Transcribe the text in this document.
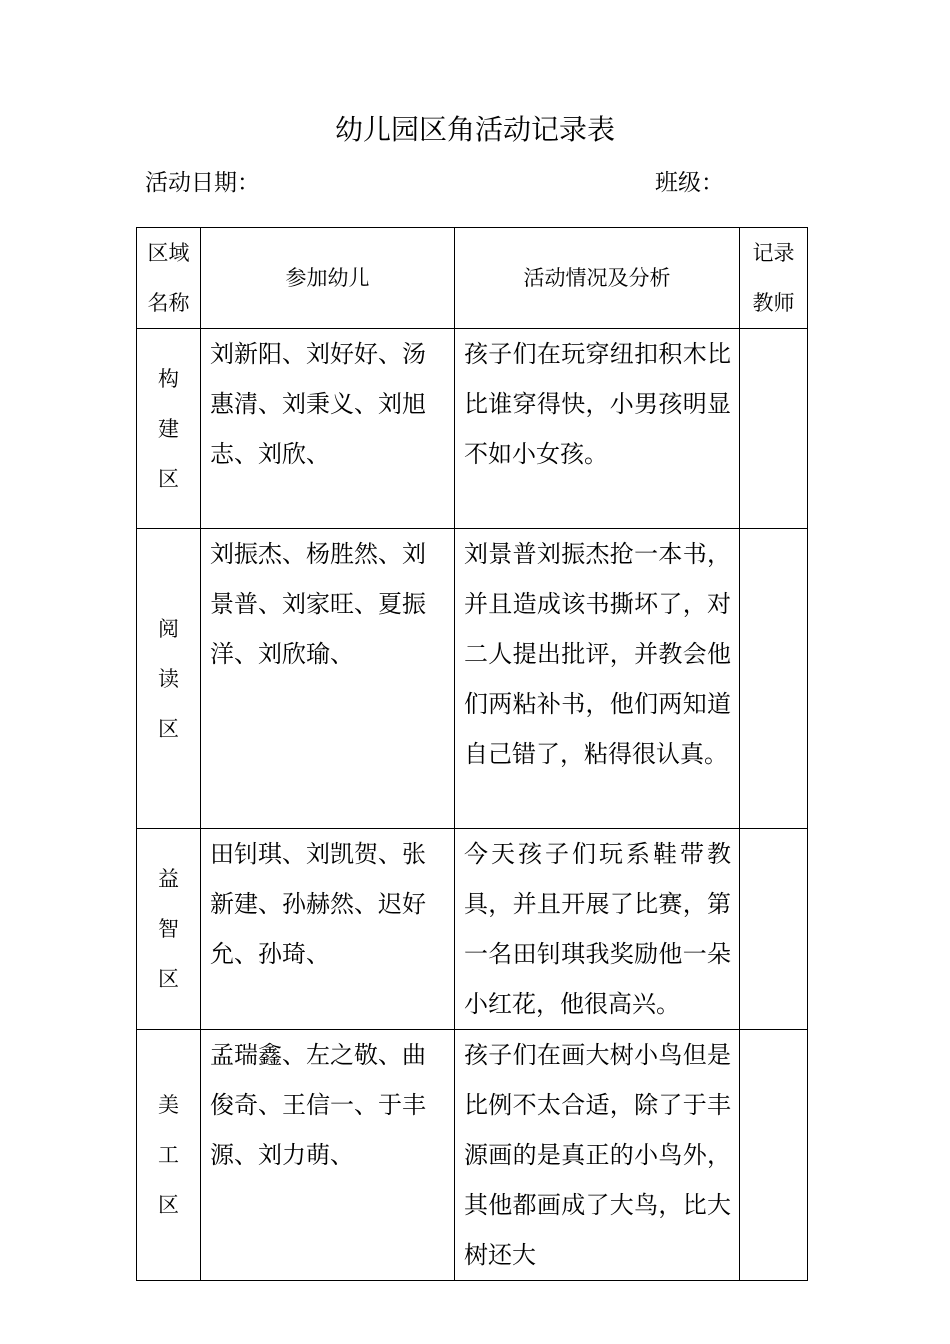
幼儿园区角活动记录表
活动日期：	班级：
区域名称	参加幼儿	活动情况及分析	记录教师
构建区	刘新阳、刘好好、汤惠清、刘秉义、刘旭志、刘欣、	孩子们在玩穿纽扣积木比比谁穿得快，小男孩明显不如小女孩。	
阅读区	刘振杰、杨胜然、刘景普、刘家旺、夏振洋、刘欣瑜、	刘景普刘振杰抢一本书，并且造成该书撕坏了，对二人提出批评，并教会他们两粘补书，他们两知道自己错了，粘得很认真。	
益智区	田钊琪、刘凯贺、张新建、孙赫然、迟好允、孙琦、	今天孩子们玩系鞋带教具，并且开展了比赛，第一名田钊琪我奖励他一朵小红花，他很高兴。	
美工区	孟瑞鑫、左之敬、曲俊奇、王信一、于丰源、刘力萌、	孩子们在画大树小鸟但是比例不太合适，除了于丰源画的是真正的小鸟外，其他都画成了大鸟，比大树还大	
